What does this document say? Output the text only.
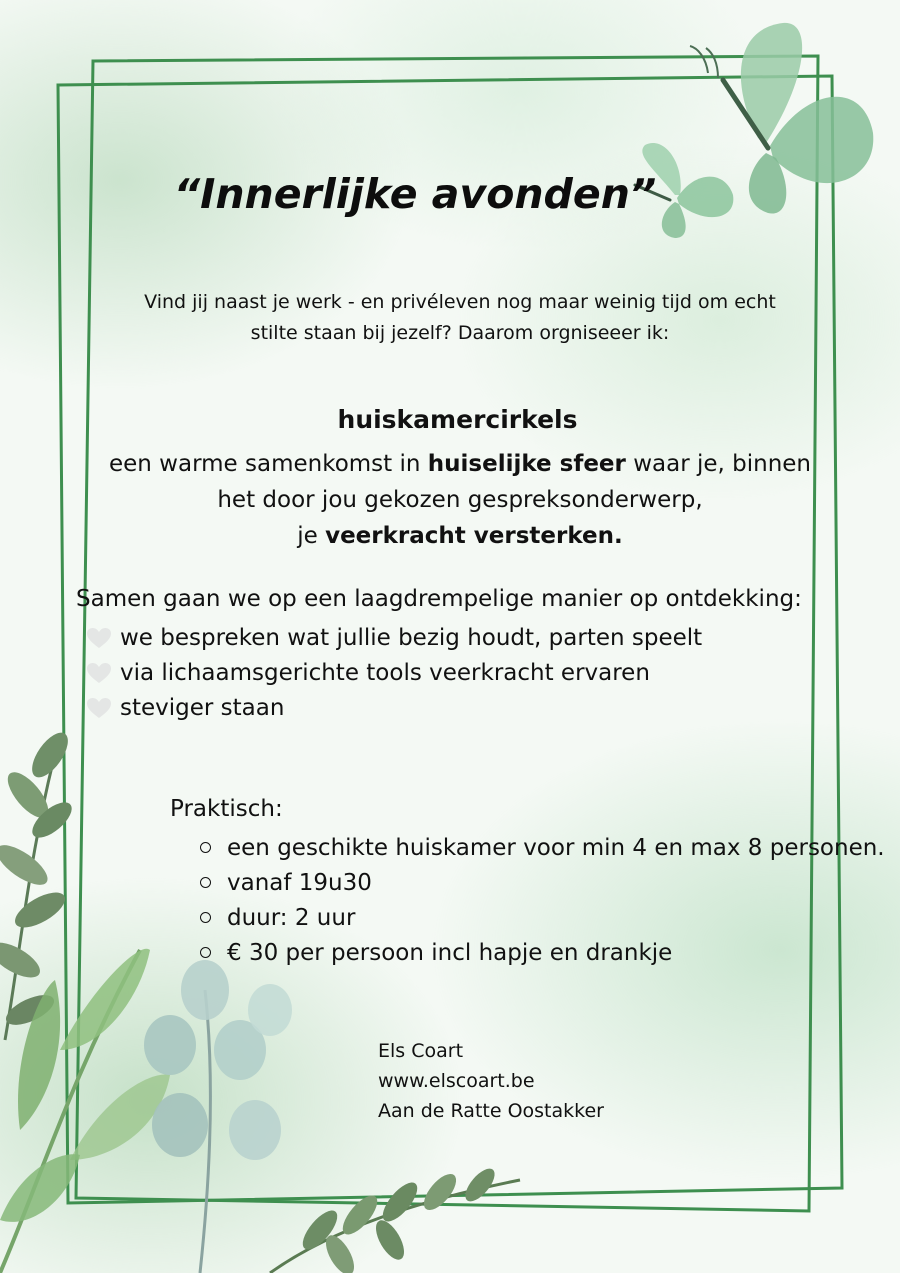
“Innerlijke avonden”
Vind jij naast je werk - en privéleven nog maar weinig tijd om echt
stilte staan bij jezelf? Daarom orgniseeer ik:
huiskamercirkels
een warme samenkomst in huiselijke sfeer waar je, binnen
het door jou gekozen gespreksonderwerp,
je veerkracht versterken.

Samen gaan we op een laagdrempelige manier op ontdekking:

we bespreken wat jullie bezig houdt, parten speelt
via lichaamsgerichte tools veerkracht ervaren
steviger staan

Praktisch:

een geschikte huiskamer voor min 4 en max 8 personen.
vanaf 19u30
duur: 2 uur
€ 30 per persoon incl hapje en drankje
Els Coart
www.elscoart.be
Aan de Ratte Oostakker
